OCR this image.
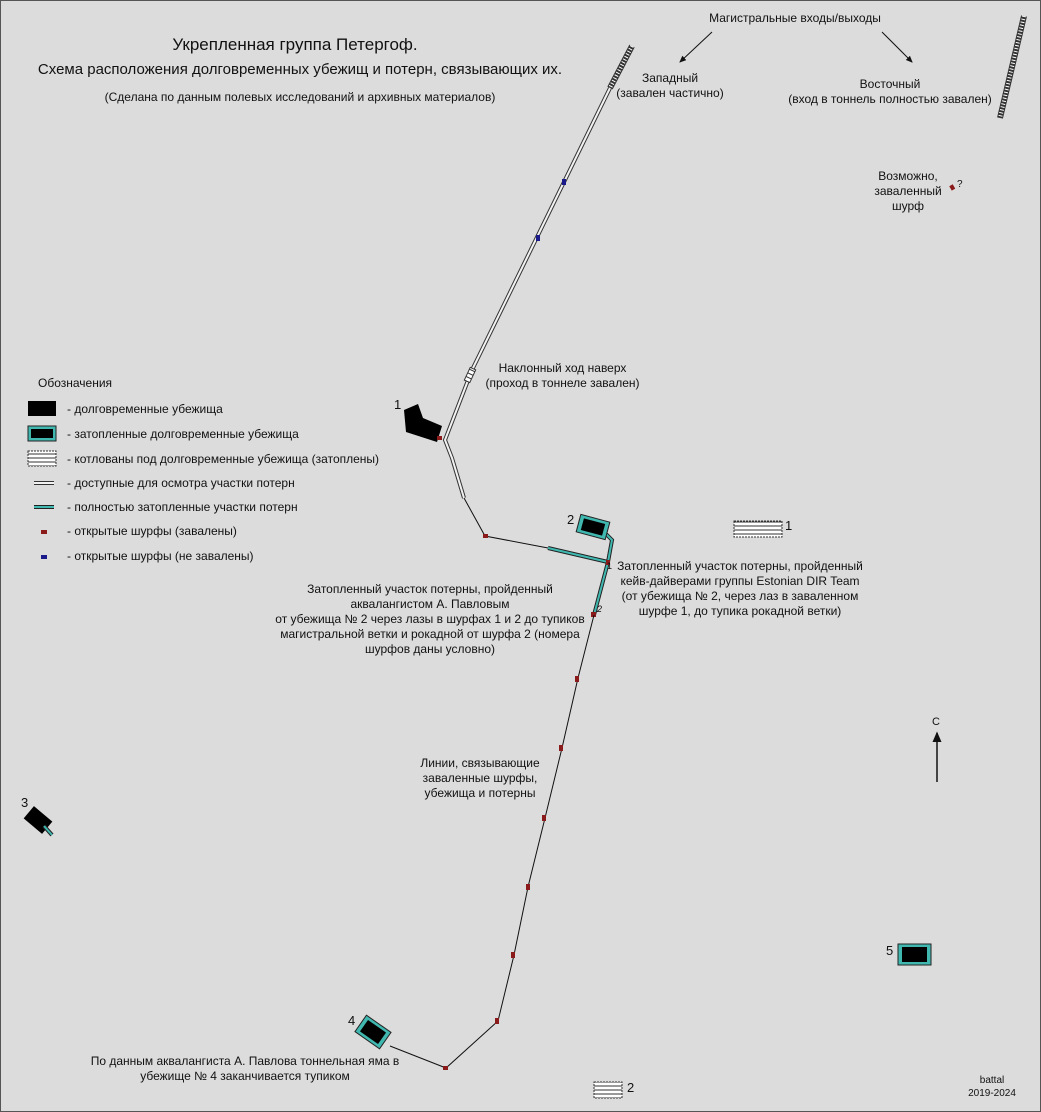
Укрепленная группа Петергоф.
Схема расположения долговременных убежищ и потерн, связывающих их.
(Сделана по данным полевых исследований и архивных материалов)
Магистральные входы/выходы
Западный
(завален частично)
Восточный
(вход в тоннель полностью завален)
Возможно,
заваленный
шурф
?
Наклонный ход наверх
(проход в тоннеле завален)
Обозначения
- долговременные убежища
- затопленные долговременные убежища
- котлованы под долговременные убежища (затоплены)
- доступные для осмотра участки потерн
- полностью затопленные участки потерн
- открытые шурфы (завалены)
- открытые шурфы (не завалены)
1
2
3
4
5
1
2
1
2
Затопленный участок потерны, пройденный
кейв-дайверами группы Estonian DIR Team
(от убежища № 2, через лаз в заваленном
шурфе 1, до тупика рокадной ветки)
Затопленный участок потерны, пройденный
аквалангистом А. Павловым
от убежища № 2 через лазы в шурфах 1 и 2 до тупиков
магистральной ветки и рокадной от шурфа 2 (номера
шурфов даны условно)
Линии, связывающие
заваленные шурфы,
убежища и потерны
По данным аквалангиста А. Павлова тоннельная яма в
убежище № 4 заканчивается тупиком
С
battal
2019-2024
